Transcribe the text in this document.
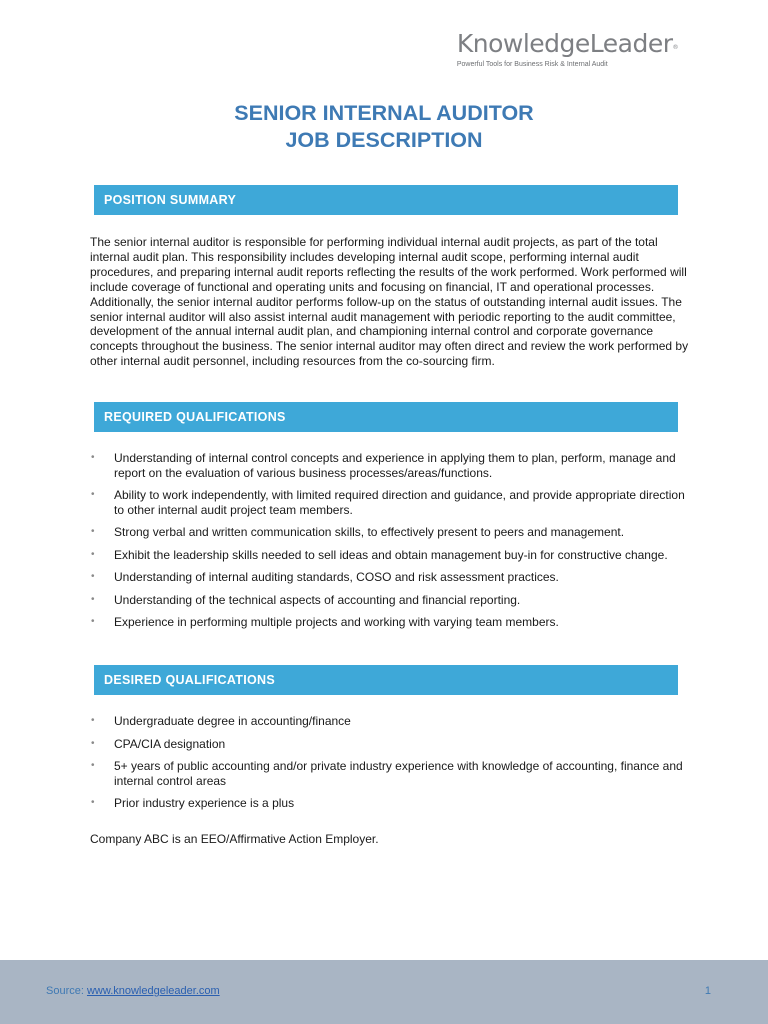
KnowledgeLeader®
Powerful Tools for Business Risk & Internal Audit
SENIOR INTERNAL AUDITOR
JOB DESCRIPTION
POSITION SUMMARY
The senior internal auditor is responsible for performing individual internal audit projects, as part of the total internal audit plan. This responsibility includes developing internal audit scope, performing internal audit procedures, and preparing internal audit reports reflecting the results of the work performed. Work performed will include coverage of functional and operating units and focusing on financial, IT and operational processes. Additionally, the senior internal auditor performs follow-up on the status of outstanding internal audit issues. The senior internal auditor will also assist internal audit management with periodic reporting to the audit committee, development of the annual internal audit plan, and championing internal control and corporate governance concepts throughout the business. The senior internal auditor may often direct and review the work performed by other internal audit personnel, including resources from the co-sourcing firm.
REQUIRED QUALIFICATIONS
• Understanding of internal control concepts and experience in applying them to plan, perform, manage and report on the evaluation of various business processes/areas/functions.
• Ability to work independently, with limited required direction and guidance, and provide appropriate direction to other internal audit project team members.
• Strong verbal and written communication skills, to effectively present to peers and management.
• Exhibit the leadership skills needed to sell ideas and obtain management buy-in for constructive change.
• Understanding of internal auditing standards, COSO and risk assessment practices.
• Understanding of the technical aspects of accounting and financial reporting.
• Experience in performing multiple projects and working with varying team members.
DESIRED QUALIFICATIONS
• Undergraduate degree in accounting/finance
• CPA/CIA designation
• 5+ years of public accounting and/or private industry experience with knowledge of accounting, finance and internal control areas
• Prior industry experience is a plus
Company ABC is an EEO/Affirmative Action Employer.
Source: www.knowledgeleader.com	1
